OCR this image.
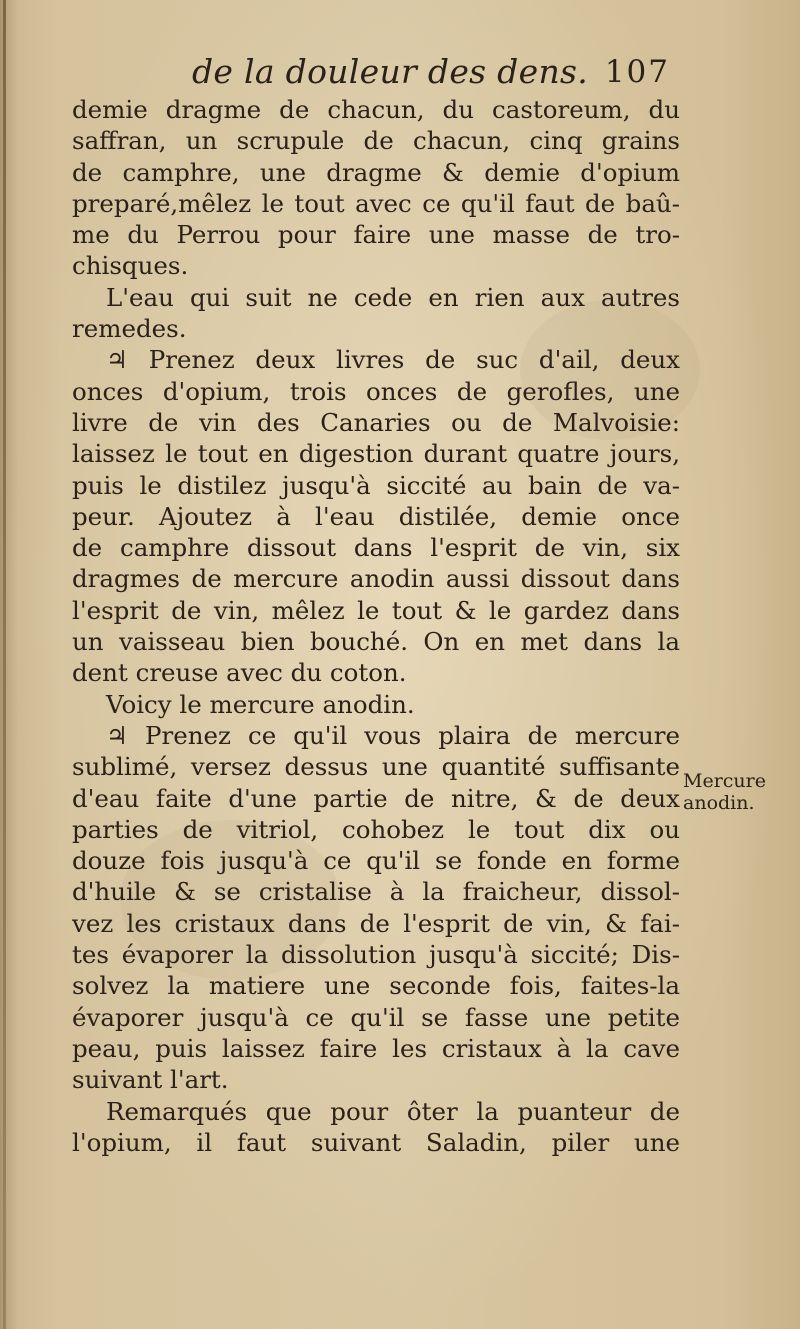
de la douleur des dens. 107
demie dragme de chacun, du castoreum, du
saffran, un scrupule de chacun, cinq grains
de camphre, une dragme & demie d'opium
preparé,mêlez le tout avec ce qu'il faut de baû-
me du Perrou pour faire une masse de tro-
chisques.
L'eau qui suit ne cede en rien aux autres
remedes.
♃ Prenez deux livres de suc d'ail, deux
onces d'opium, trois onces de gerofles, une
livre de vin des Canaries ou de Malvoisie:
laissez le tout en digestion durant quatre jours,
puis le distilez jusqu'à siccité au bain de va-
peur. Ajoutez à l'eau distilée, demie once
de camphre dissout dans l'esprit de vin, six
dragmes de mercure anodin aussi dissout dans
l'esprit de vin, mêlez le tout & le gardez dans
un vaisseau bien bouché. On en met dans la
dent creuse avec du coton.
Voicy le mercure anodin.
♃ Prenez ce qu'il vous plaira de mercure
sublimé, versez dessus une quantité suffisante
d'eau faite d'une partie de nitre, & de deux
parties de vitriol, cohobez le tout dix ou
douze fois jusqu'à ce qu'il se fonde en forme
d'huile & se cristalise à la fraicheur, dissol-
vez les cristaux dans de l'esprit de vin, & fai-
tes évaporer la dissolution jusqu'à siccité; Dis-
solvez la matiere une seconde fois, faites-la
évaporer jusqu'à ce qu'il se fasse une petite
peau, puis laissez faire les cristaux à la cave
suivant l'art.
Remarqués que pour ôter la puanteur de
l'opium, il faut suivant Saladin, piler une
Mercure
anodin.
